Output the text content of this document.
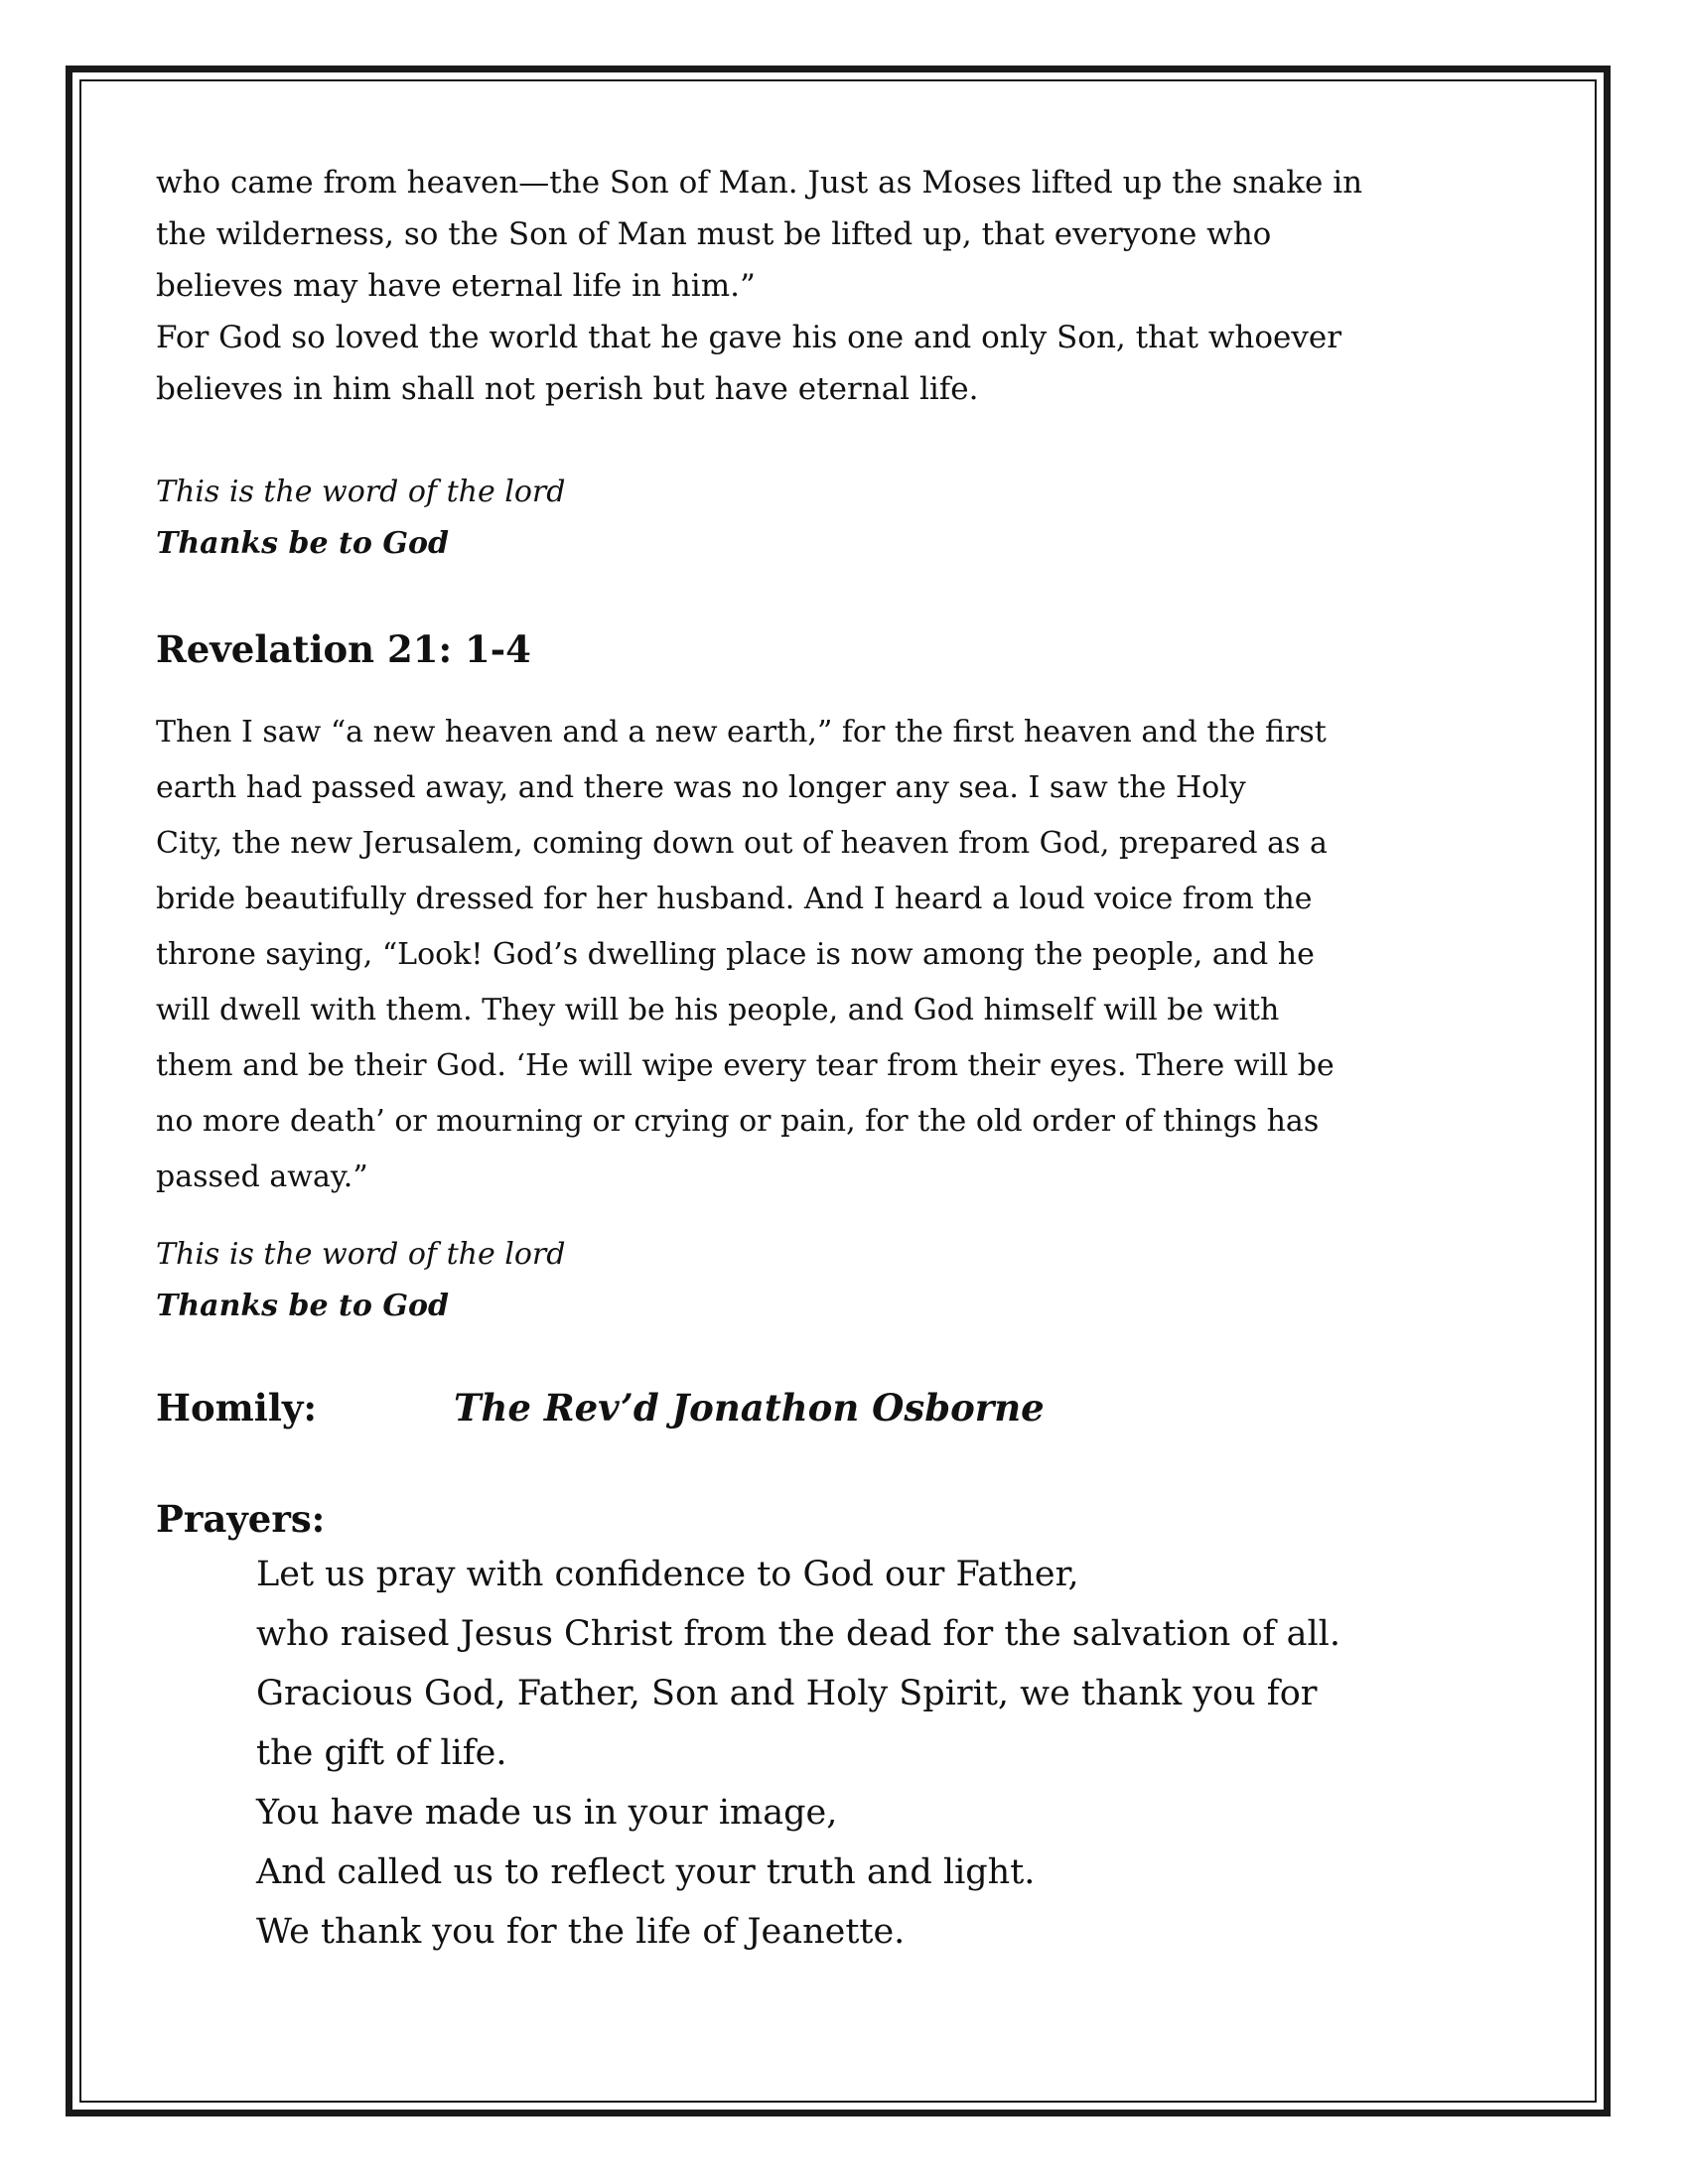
who came from heaven—the Son of Man. Just as Moses lifted up the snake in
the wilderness, so the Son of Man must be lifted up, that everyone who
believes may have eternal life in him.”
For God so loved the world that he gave his one and only Son, that whoever
believes in him shall not perish but have eternal life.
This is the word of the lord
Thanks be to God
Revelation 21: 1-4
Then I saw “a new heaven and a new earth,” for the first heaven and the first
earth had passed away, and there was no longer any sea. I saw the Holy
City, the new Jerusalem, coming down out of heaven from God, prepared as a
bride beautifully dressed for her husband. And I heard a loud voice from the
throne saying, “Look! God’s dwelling place is now among the people, and he
will dwell with them. They will be his people, and God himself will be with
them and be their God. ‘He will wipe every tear from their eyes. There will be
no more death’ or mourning or crying or pain, for the old order of things has
passed away.”
This is the word of the lord
Thanks be to God
Homily:	The Rev’d Jonathon Osborne
Prayers:
Let us pray with confidence to God our Father,
who raised Jesus Christ from the dead for the salvation of all.
Gracious God, Father, Son and Holy Spirit, we thank you for
the gift of life.
You have made us in your image,
And called us to reflect your truth and light.
We thank you for the life of Jeanette.
